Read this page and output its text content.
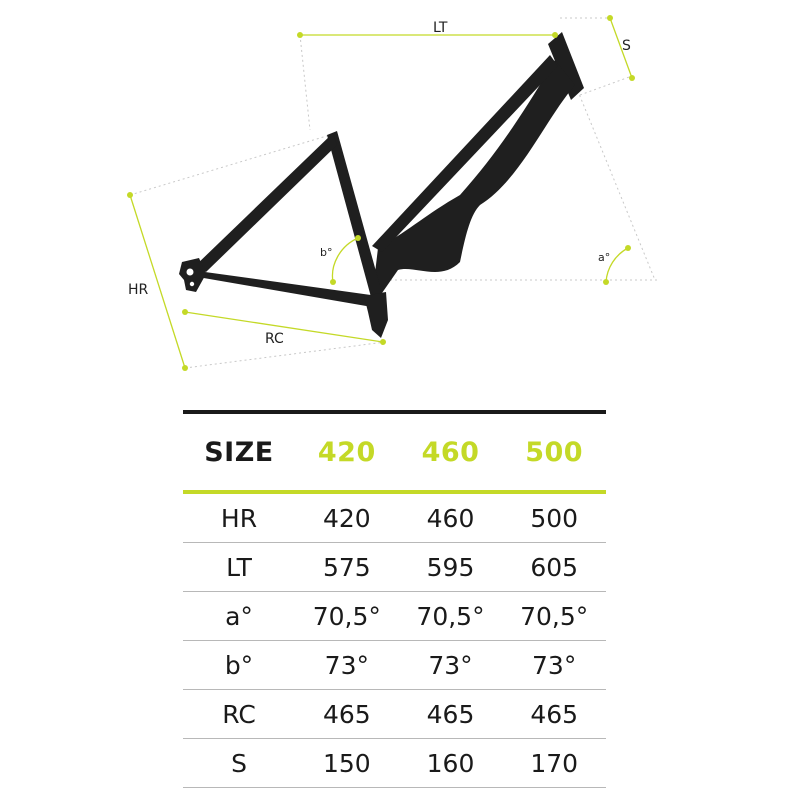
LT
S
HR
RC
b°	a°
SIZE	420	460	500
HR	420	460	500
LT	575	595	605
a°	70,5°	70,5°	70,5°
b°	73°	73°	73°
RC	465	465	465
S	150	160	170
